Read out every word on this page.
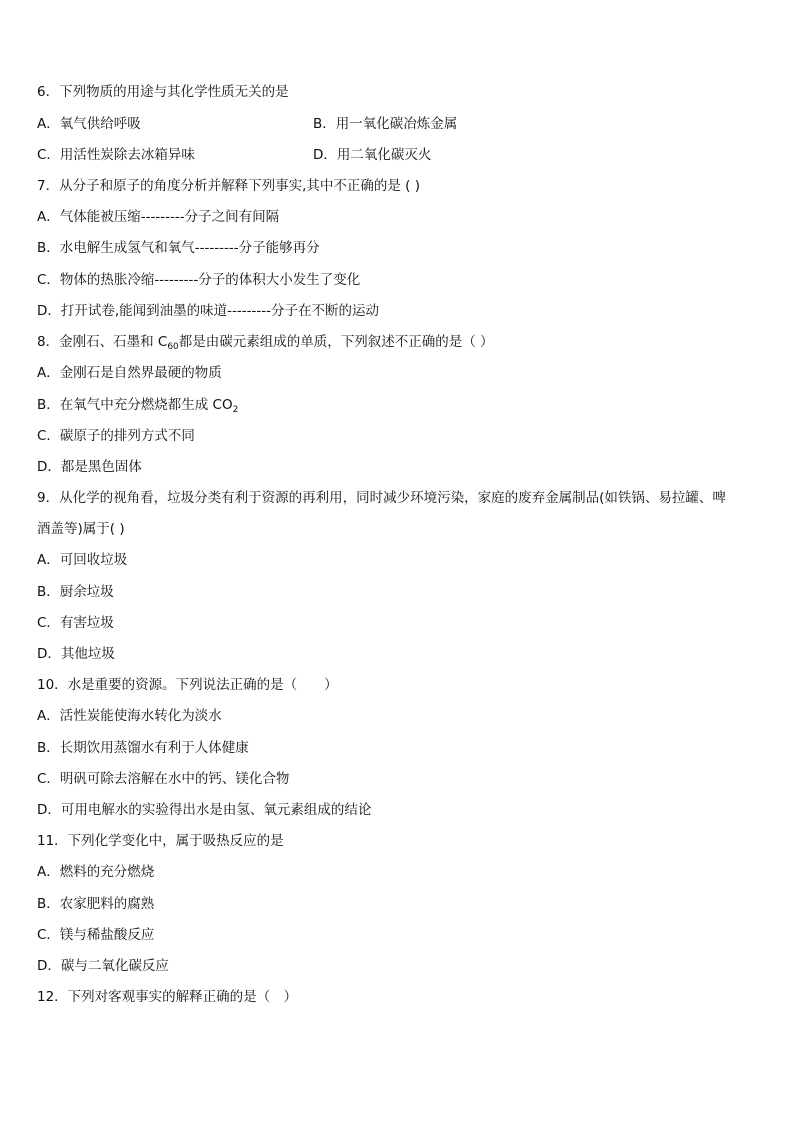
6．下列物质的用途与其化学性质无关的是
A．氧气供给呼吸	B．用一氧化碳冶炼金属
C．用活性炭除去冰箱异味	D．用二氧化碳灭火
7．从分子和原子的角度分析并解释下列事实,其中不正确的是 ( )
A．气体能被压缩---------分子之间有间隔
B．水电解生成氢气和氧气---------分子能够再分
C．物体的热胀冷缩---------分子的体积大小发生了变化
D．打开试卷,能闻到油墨的味道---------分子在不断的运动
8．金刚石、石墨和 $C_{60}$都是由碳元素组成的单质，下列叙述不正确的是（ ）
A．金刚石是自然界最硬的物质
B．在氧气中充分燃烧都生成 $CO_2$
C．碳原子的排列方式不同
D．都是黑色固体
9．从化学的视角看，垃圾分类有利于资源的再利用，同时减少环境污染，家庭的废弃金属制品(如铁锅、易拉罐、啤
酒盖等)属于( )
A．可回收垃圾
B．厨余垃圾
C．有害垃圾
D．其他垃圾
10．水是重要的资源。下列说法正确的是（　　）
A．活性炭能使海水转化为淡水
B．长期饮用蒸馏水有利于人体健康
C．明矾可除去溶解在水中的钙、镁化合物
D．可用电解水的实验得出水是由氢、氧元素组成的结论
11．下列化学变化中，属于吸热反应的是
A．燃料的充分燃烧
B．农家肥料的腐熟
C．镁与稀盐酸反应
D．碳与二氧化碳反应
12．下列对客观事实的解释正确的是（　）
